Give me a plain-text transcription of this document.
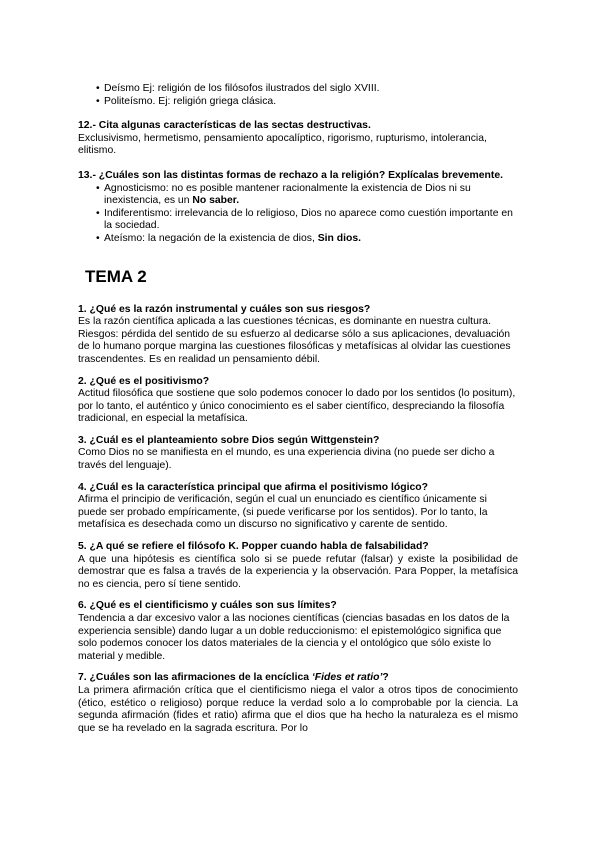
• Deísmo Ej: religión de los filósofos ilustrados del siglo XVIII.
• Politeísmo. Ej: religión griega clásica.
12.- Cita algunas características de las sectas destructivas.
Exclusivismo, hermetismo, pensamiento apocalíptico, rigorismo, rupturismo, intolerancia, elitismo.
13.- ¿Cuáles son las distintas formas de rechazo a la religión? Explícalas brevemente.
• Agnosticismo: no es posible mantener racionalmente la existencia de Dios ni su inexistencia, es un No saber.
• Indiferentismo: irrelevancia de lo religioso, Dios no aparece como cuestión importante en la sociedad.
• Ateísmo: la negación de la existencia de dios, Sin dios.
TEMA 2
1. ¿Qué es la razón instrumental y cuáles son sus riesgos?
Es la razón científica aplicada a las cuestiones técnicas, es dominante en nuestra cultura. Riesgos: pérdida del sentido de su esfuerzo al dedicarse sólo a sus aplicaciones, devaluación de lo humano porque margina las cuestiones filosóficas y metafísicas al olvidar las cuestiones trascendentes. Es en realidad un pensamiento débil.
2. ¿Qué es el positivismo?
Actitud filosófica que sostiene que solo podemos conocer lo dado por los sentidos (lo positum), por lo tanto, el auténtico y único conocimiento es el saber científico, despreciando la filosofía tradicional, en especial la metafísica.
3. ¿Cuál es el planteamiento sobre Dios según Wittgenstein?
Como Dios no se manifiesta en el mundo, es una experiencia divina (no puede ser dicho a través del lenguaje).
4. ¿Cuál es la característica principal que afirma el positivismo lógico?
Afirma el principio de verificación, según el cual un enunciado es científico únicamente si puede ser probado empíricamente, (si puede verificarse por los sentidos). Por lo tanto, la metafísica es desechada como un discurso no significativo y carente de sentido.
5. ¿A qué se refiere el filósofo K. Popper cuando habla de falsabilidad?
A que una hipótesis es científica solo si se puede refutar (falsar) y existe la posibilidad de demostrar que es falsa a través de la experiencia y la observación. Para Popper, la metafísica no es ciencia, pero sí tiene sentido.
6. ¿Qué es el cientificismo y cuáles son sus límites?
Tendencia a dar excesivo valor a las nociones científicas (ciencias basadas en los datos de la experiencia sensible) dando lugar a un doble reduccionismo: el epistemológico significa que solo podemos conocer los datos materiales de la ciencia y el ontológico que sólo existe lo material y medible.
7. ¿Cuáles son las afirmaciones de la encíclica ‘Fides et ratio’?
La primera afirmación crítica que el cientificismo niega el valor a otros tipos de conocimiento (ético, estético o religioso) porque reduce la verdad solo a lo comprobable por la ciencia. La segunda afirmación (fides et ratio) afirma que el dios que ha hecho la naturaleza es el mismo que se ha revelado en la sagrada escritura. Por lo
